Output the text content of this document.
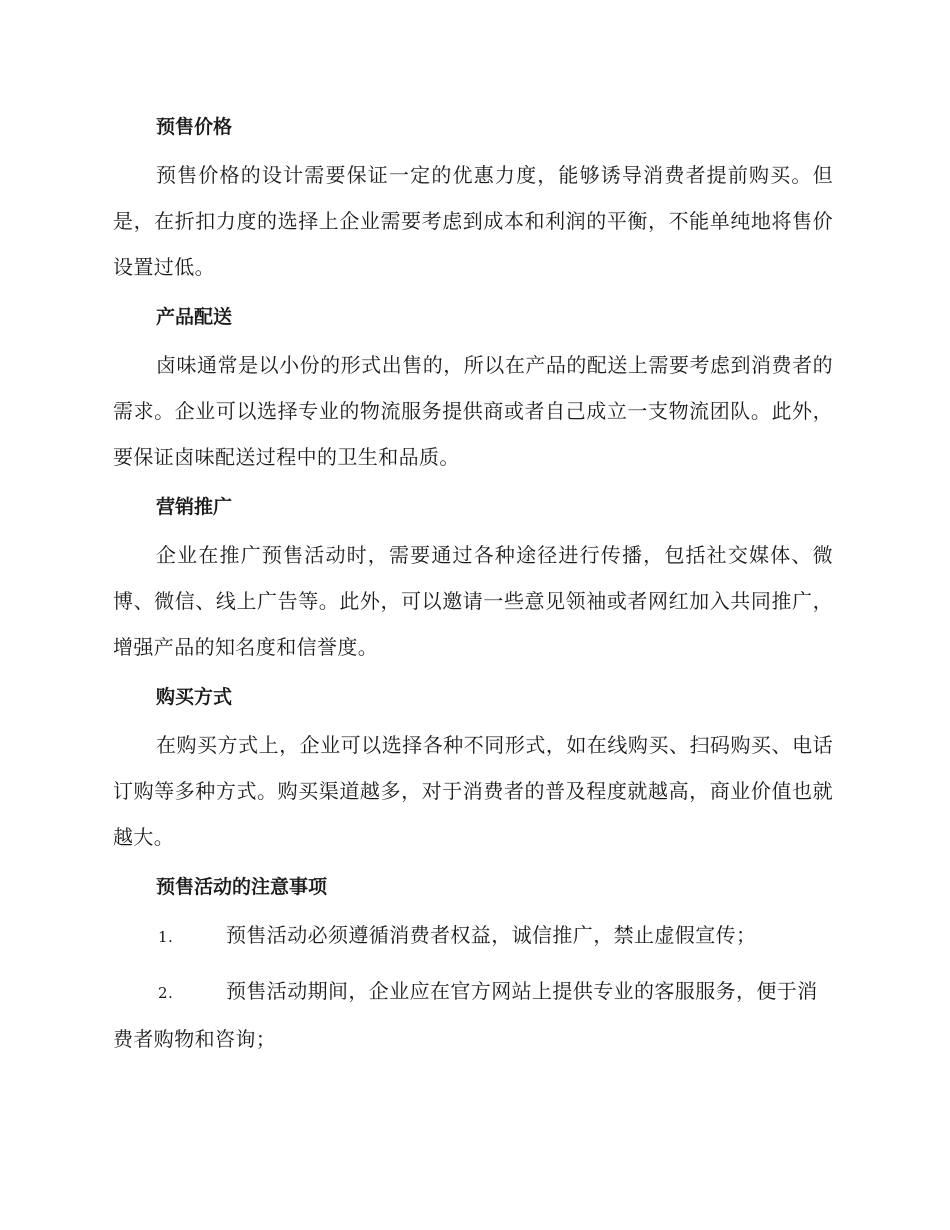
预售价格

预售价格的设计需要保证一定的优惠力度，能够诱导消费者提前购买。但是，在折扣力度的选择上企业需要考虑到成本和利润的平衡，不能单纯地将售价设置过低。

产品配送

卤味通常是以小份的形式出售的，所以在产品的配送上需要考虑到消费者的需求。企业可以选择专业的物流服务提供商或者自己成立一支物流团队。此外，要保证卤味配送过程中的卫生和品质。

营销推广

企业在推广预售活动时，需要通过各种途径进行传播，包括社交媒体、微博、微信、线上广告等。此外，可以邀请一些意见领袖或者网红加入共同推广，增强产品的知名度和信誉度。

购买方式

在购买方式上，企业可以选择各种不同形式，如在线购买、扫码购买、电话订购等多种方式。购买渠道越多，对于消费者的普及程度就越高，商业价值也就越大。

预售活动的注意事项

1.	预售活动必须遵循消费者权益，诚信推广，禁止虚假宣传；

2.	预售活动期间，企业应在官方网站上提供专业的客服服务，便于消费者购物和咨询；
